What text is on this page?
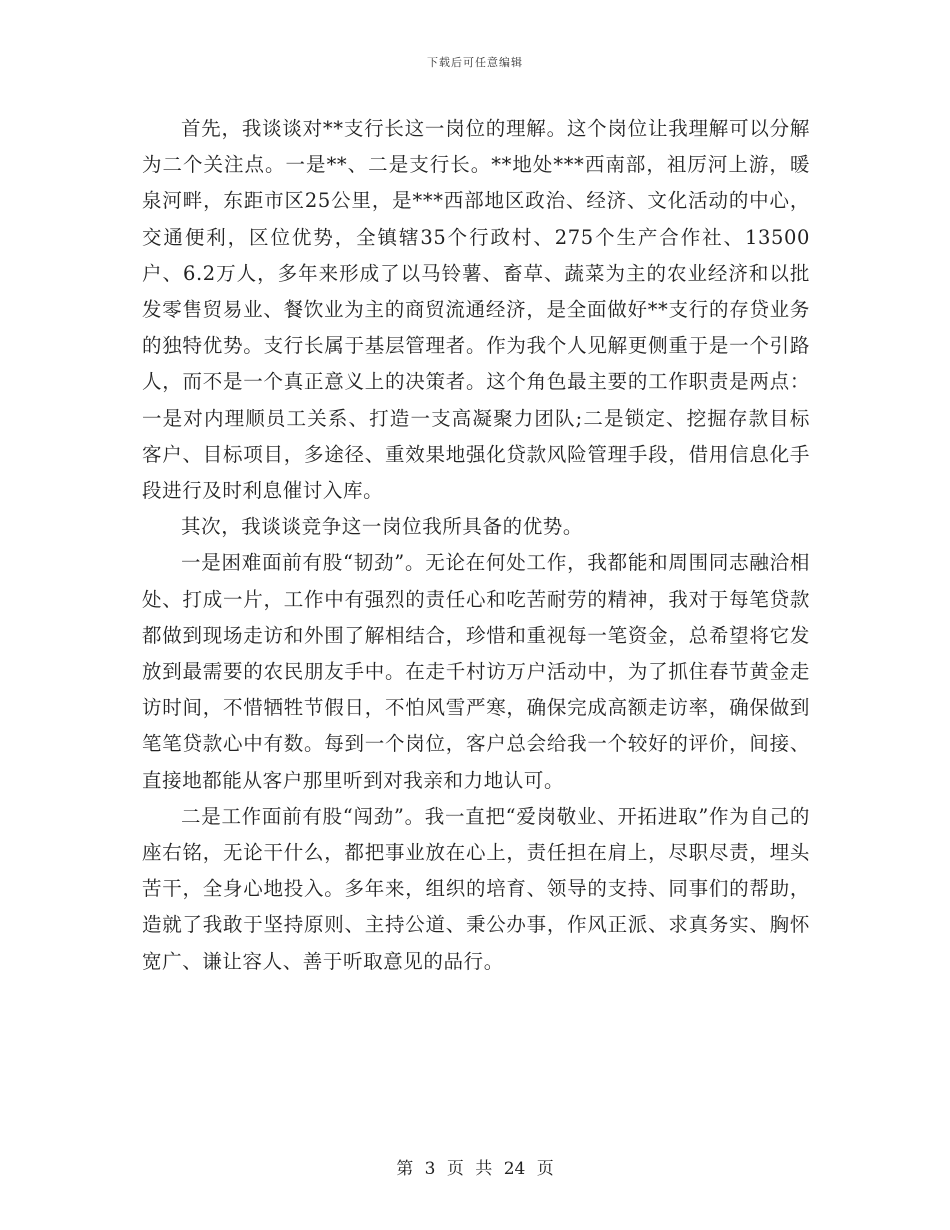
下载后可任意编辑

首先，我谈谈对**支行长这一岗位的理解。这个岗位让我理解可以分解为二个关注点。一是**、二是支行长。**地处***西南部，祖厉河上游，暖泉河畔，东距市区25公里，是***西部地区政治、经济、文化活动的中心，交通便利，区位优势，全镇辖35个行政村、275个生产合作社、13500户、6.2万人，多年来形成了以马铃薯、畜草、蔬菜为主的农业经济和以批发零售贸易业、餐饮业为主的商贸流通经济，是全面做好**支行的存贷业务的独特优势。支行长属于基层管理者。作为我个人见解更侧重于是一个引路人，而不是一个真正意义上的决策者。这个角色最主要的工作职责是两点：一是对内理顺员工关系、打造一支高凝聚力团队;二是锁定、挖掘存款目标客户、目标项目，多途径、重效果地强化贷款风险管理手段，借用信息化手段进行及时利息催讨入库。

其次，我谈谈竞争这一岗位我所具备的优势。

一是困难面前有股“韧劲”。无论在何处工作，我都能和周围同志融洽相处、打成一片，工作中有强烈的责任心和吃苦耐劳的精神，我对于每笔贷款都做到现场走访和外围了解相结合，珍惜和重视每一笔资金，总希望将它发放到最需要的农民朋友手中。在走千村访万户活动中，为了抓住春节黄金走访时间，不惜牺牲节假日，不怕风雪严寒，确保完成高额走访率，确保做到笔笔贷款心中有数。每到一个岗位，客户总会给我一个较好的评价，间接、直接地都能从客户那里听到对我亲和力地认可。

二是工作面前有股“闯劲”。我一直把“爱岗敬业、开拓进取”作为自己的座右铭，无论干什么，都把事业放在心上，责任担在肩上，尽职尽责，埋头苦干，全身心地投入。多年来，组织的培育、领导的支持、同事们的帮助，造就了我敢于坚持原则、主持公道、秉公办事，作风正派、求真务实、胸怀宽广、谦让容人、善于听取意见的品行。

第 3 页 共 24 页
